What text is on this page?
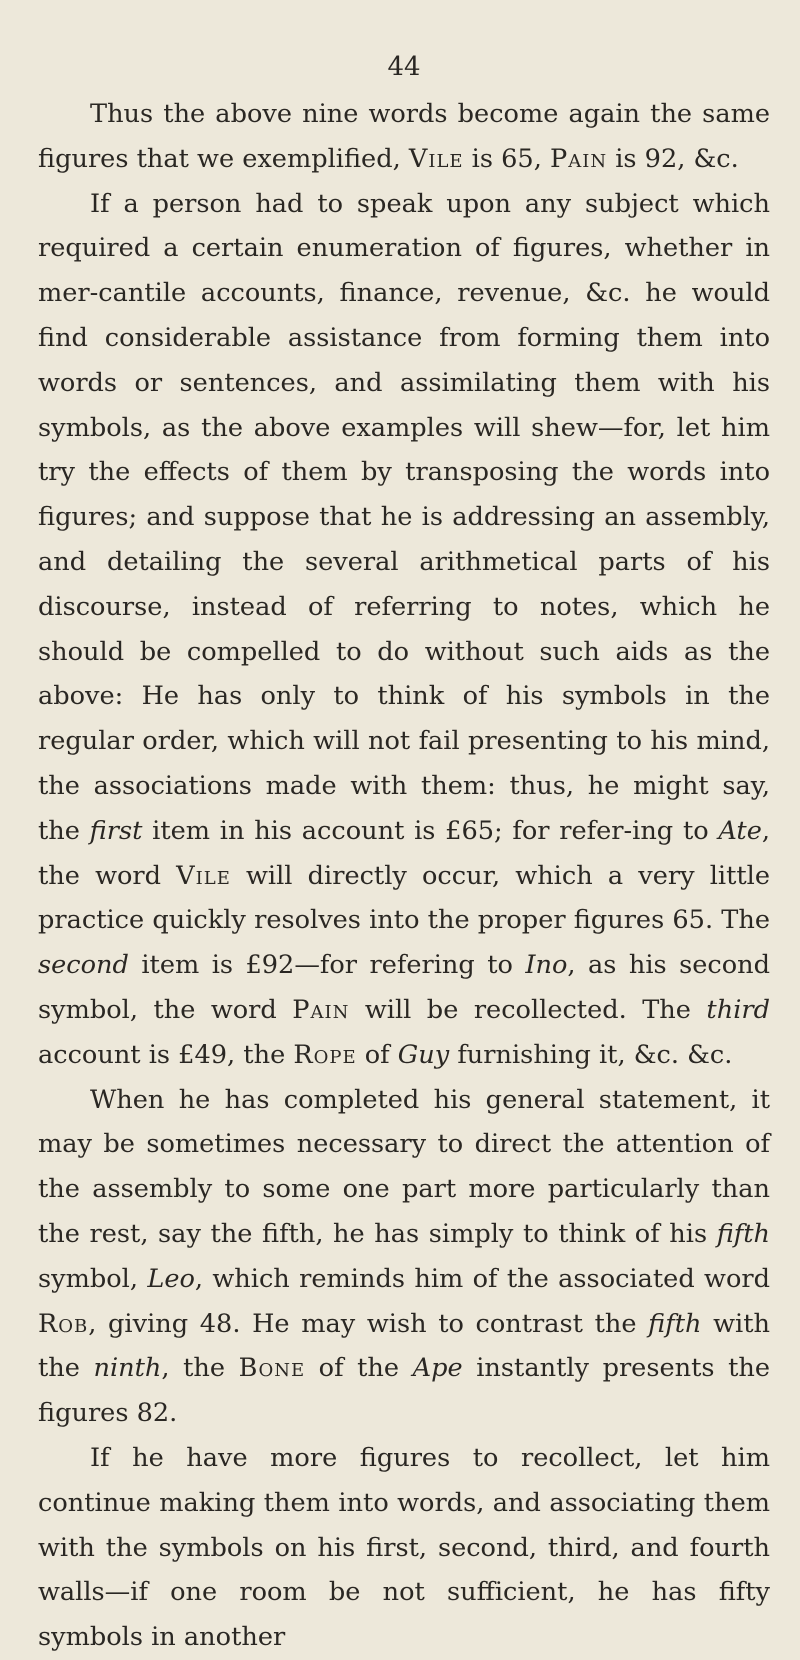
44

Thus the above nine words become again the same figures that we exemplified, Vile is 65, Pain is 92, &c.

If a person had to speak upon any subject which required a certain enumeration of figures, whether in mer-cantile accounts, finance, revenue, &c. he would find considerable assistance from forming them into words or sentences, and assimilating them with his symbols, as the above examples will shew—for, let him try the effects of them by transposing the words into figures; and suppose that he is addressing an assembly, and detailing the several arithmetical parts of his discourse, instead of referring to notes, which he should be compelled to do without such aids as the above: He has only to think of his symbols in the regular order, which will not fail presenting to his mind, the associations made with them: thus, he might say, the first item in his account is £65; for refer-ing to Ate, the word Vile will directly occur, which a very little practice quickly resolves into the proper figures 65. The second item is £92—for refering to Ino, as his second symbol, the word Pain will be recollected. The third account is £49, the Rope of Guy furnishing it, &c. &c.

When he has completed his general statement, it may be sometimes necessary to direct the attention of the assembly to some one part more particularly than the rest, say the fifth, he has simply to think of his fifth symbol, Leo, which reminds him of the associated word Rob, giving 48. He may wish to contrast the fifth with the ninth, the Bone of the Ape instantly presents the figures 82.

If he have more figures to recollect, let him continue making them into words, and associating them with the symbols on his first, second, third, and fourth walls—if one room be not sufficient, he has fifty symbols in another
